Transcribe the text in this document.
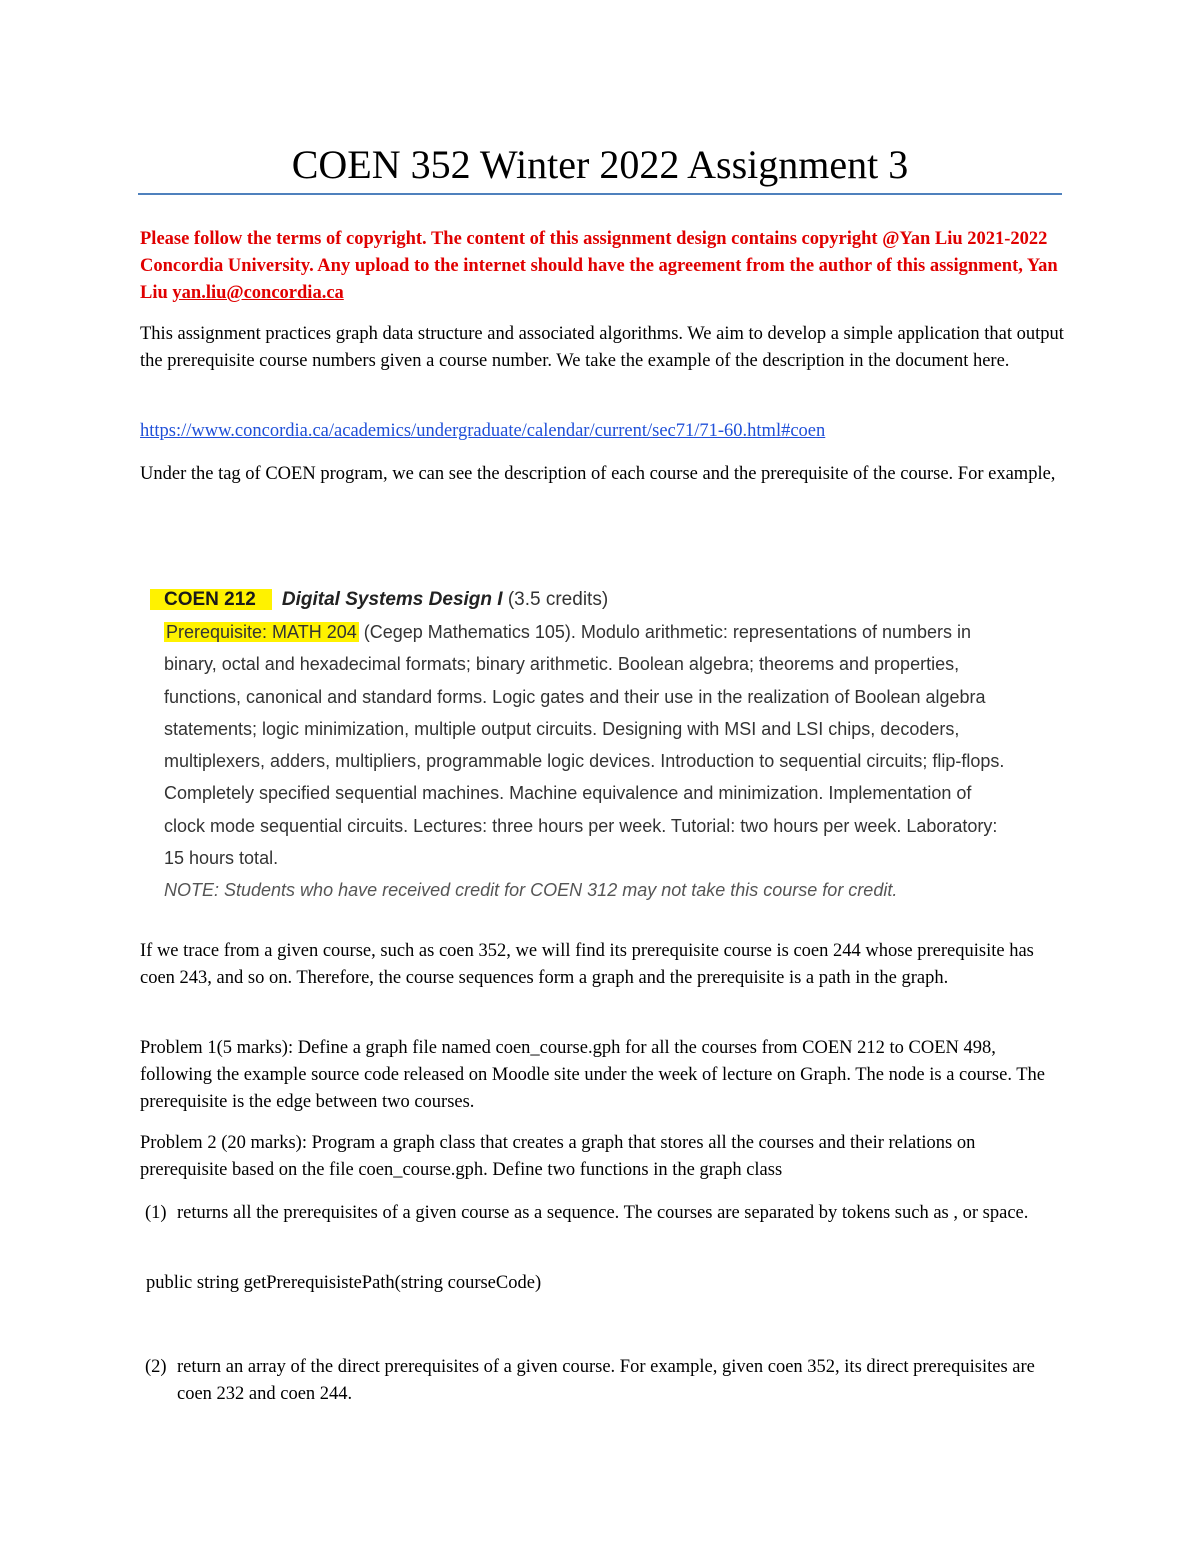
COEN 352 Winter 2022 Assignment 3

Please follow the terms of copyright. The content of this assignment design contains copyright @Yan Liu 2021-2022 Concordia University. Any upload to the internet should have the agreement from the author of this assignment, Yan Liu yan.liu@concordia.ca

This assignment practices graph data structure and associated algorithms. We aim to develop a simple application that output the prerequisite course numbers given a course number. We take the example of the description in the document here.

https://www.concordia.ca/academics/undergraduate/calendar/current/sec71/71-60.html#coen

Under the tag of COEN program, we can see the description of each course and the prerequisite of the course. For example,

COEN 212 Digital Systems Design I (3.5 credits)

Prerequisite: MATH 204 (Cegep Mathematics 105). Modulo arithmetic: representations of numbers in binary, octal and hexadecimal formats; binary arithmetic. Boolean algebra; theorems and properties, functions, canonical and standard forms. Logic gates and their use in the realization of Boolean algebra statements; logic minimization, multiple output circuits. Designing with MSI and LSI chips, decoders, multiplexers, adders, multipliers, programmable logic devices. Introduction to sequential circuits; flip-flops. Completely specified sequential machines. Machine equivalence and minimization. Implementation of clock mode sequential circuits. Lectures: three hours per week. Tutorial: two hours per week. Laboratory: 15 hours total.

NOTE: Students who have received credit for COEN 312 may not take this course for credit.

If we trace from a given course, such as coen 352, we will find its prerequisite course is coen 244 whose prerequisite has coen 243, and so on. Therefore, the course sequences form a graph and the prerequisite is a path in the graph.

Problem 1(5 marks): Define a graph file named coen_course.gph for all the courses from COEN 212 to COEN 498, following the example source code released on Moodle site under the week of lecture on Graph. The node is a course. The prerequisite is the edge between two courses.

Problem 2 (20 marks): Program a graph class that creates a graph that stores all the courses and their relations on prerequisite based on the file coen_course.gph. Define two functions in the graph class

(1) returns all the prerequisites of a given course as a sequence. The courses are separated by tokens such as , or space.
public string getPrerequisistePath(string courseCode)
(2) return an array of the direct prerequisites of a given course. For example, given coen 352, its direct prerequisites are coen 232 and coen 244.
